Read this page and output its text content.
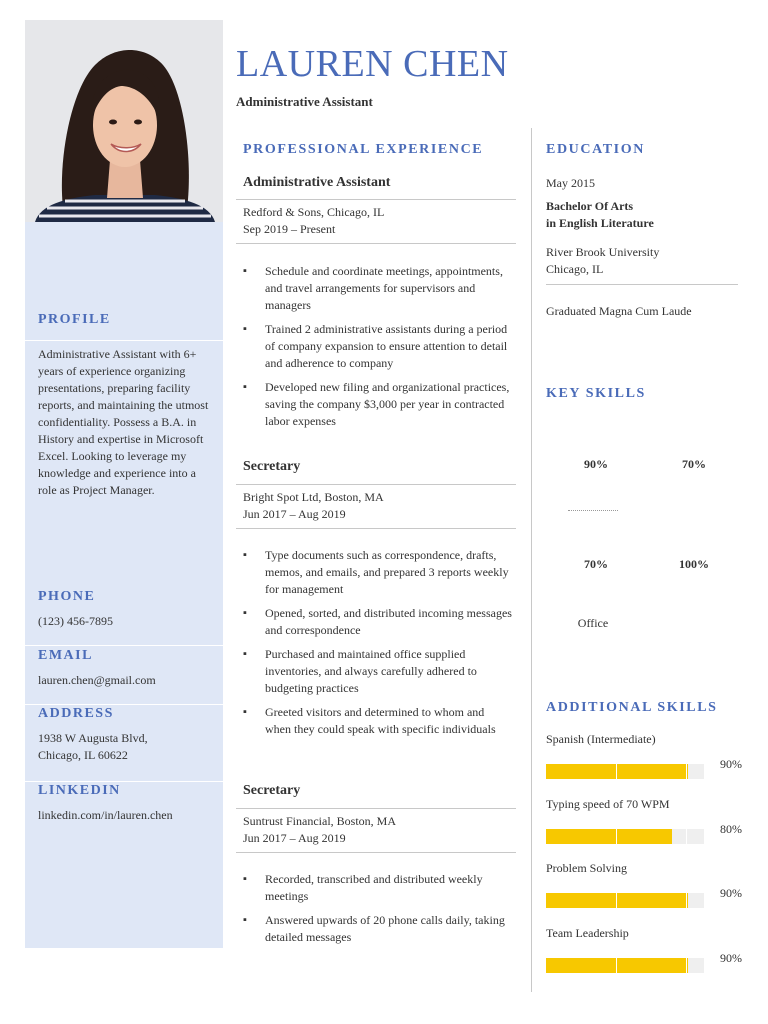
PROFILE
Administrative Assistant with 6+ years of experience organizing presentations, preparing facility reports, and maintaining the utmost confidentiality. Possess a B.A. in History and expertise in Microsoft Excel. Looking to leverage my knowledge and experience into a role as Project Manager.
PHONE
(123) 456-7895
EMAIL
lauren.chen@gmail.com
ADDRESS
1938 W Augusta Blvd,
Chicago, IL 60622
LINKEDIN
linkedin.com/in/lauren.chen
LAUREN CHEN
Administrative Assistant
PROFESSIONAL EXPERIENCE
Administrative Assistant
Redford & Sons, Chicago, IL
Sep 2019 – Present
▪ Schedule and coordinate meetings, appointments, and travel arrangements for supervisors and managers
▪ Trained 2 administrative assistants during a period of company expansion to ensure attention to detail and adherence to company
▪ Developed new filing and organizational practices, saving the company $3,000 per year in contracted labor expenses
Secretary
Bright Spot Ltd, Boston, MA
Jun 2017 – Aug 2019
▪ Type documents such as correspondence, drafts, memos, and emails, and prepared 3 reports weekly for management
▪ Opened, sorted, and distributed incoming messages and correspondence
▪ Purchased and maintained office supplied inventories, and always carefully adhered to budgeting practices
▪ Greeted visitors and determined to whom and when they could speak with specific individuals
Secretary
Suntrust Financial, Boston, MA
Jun 2017 – Aug 2019
▪ Recorded, transcribed and distributed weekly meetings
▪ Answered upwards of 20 phone calls daily, taking detailed messages
EDUCATION
May 2015
Bachelor Of Arts
in English Literature
River Brook University
Chicago, IL
Graduated Magna Cum Laude
KEY SKILLS
90%	70%
70%	100%
Office
ADDITIONAL SKILLS
Spanish (Intermediate)
90%
Typing speed of 70 WPM
80%
Problem Solving
90%
Team Leadership
90%
